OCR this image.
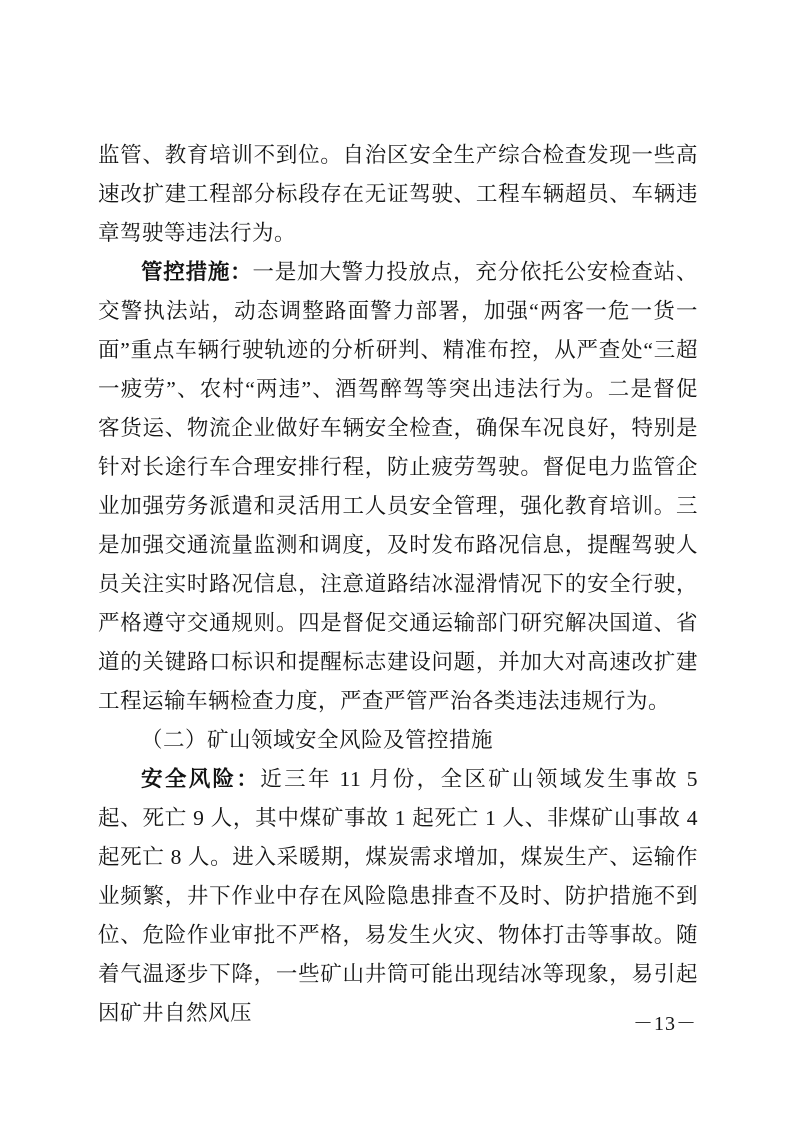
监管、教育培训不到位。自治区安全生产综合检查发现一些高速改扩建工程部分标段存在无证驾驶、工程车辆超员、车辆违章驾驶等违法行为。

管控措施：一是加大警力投放点，充分依托公安检查站、交警执法站，动态调整路面警力部署，加强“两客一危一货一面”重点车辆行驶轨迹的分析研判、精准布控，从严查处“三超一疲劳”、农村“两违”、酒驾醉驾等突出违法行为。二是督促客货运、物流企业做好车辆安全检查，确保车况良好，特别是针对长途行车合理安排行程，防止疲劳驾驶。督促电力监管企业加强劳务派遣和灵活用工人员安全管理，强化教育培训。三是加强交通流量监测和调度，及时发布路况信息，提醒驾驶人员关注实时路况信息，注意道路结冰湿滑情况下的安全行驶，严格遵守交通规则。四是督促交通运输部门研究解决国道、省道的关键路口标识和提醒标志建设问题，并加大对高速改扩建工程运输车辆检查力度，严查严管严治各类违法违规行为。

（二）矿山领域安全风险及管控措施

安全风险：近三年 11 月份，全区矿山领域发生事故 5 起、死亡 9 人，其中煤矿事故 1 起死亡 1 人、非煤矿山事故 4 起死亡 8 人。进入采暖期，煤炭需求增加，煤炭生产、运输作业频繁，井下作业中存在风险隐患排查不及时、防护措施不到位、危险作业审批不严格，易发生火灾、物体打击等事故。随着气温逐步下降，一些矿山井筒可能出现结冰等现象，易引起因矿井自然风压	－13－
